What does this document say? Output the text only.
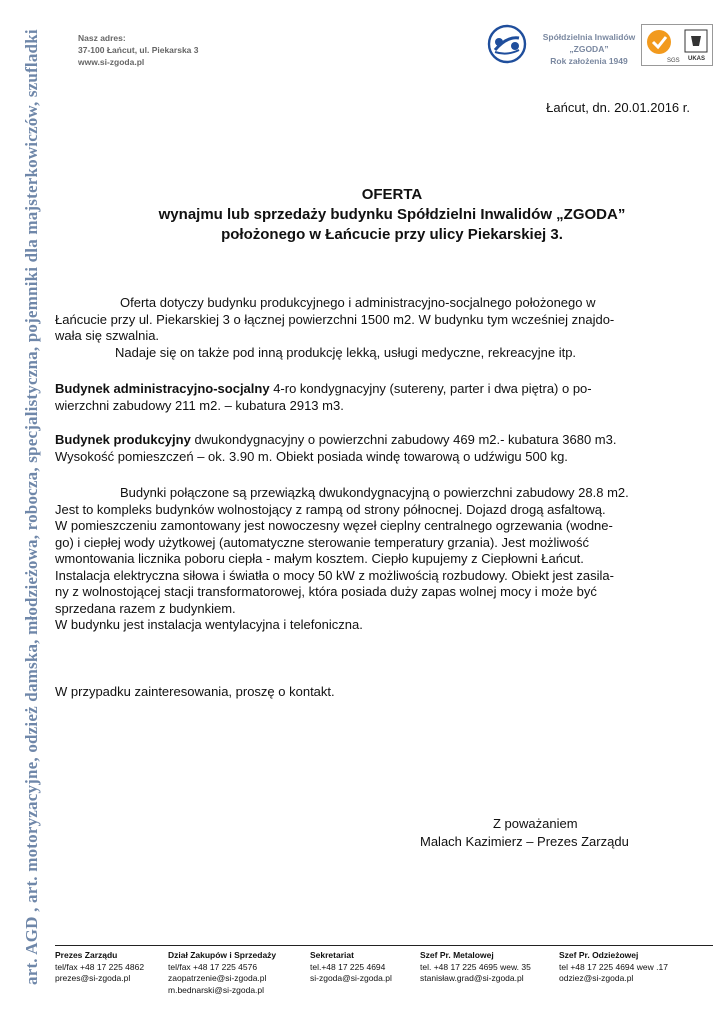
art. AGD , art. motoryzacyjne, odzież damska, młodzieżowa, robocza, specjalistyczna, pojemniki dla majsterkowiczów, szufladki	Nasz adres:
37-100 Łańcut, ul. Piekarska 3
www.si-zgoda.pl
Spółdzielnia Inwalidów
„ZGODA”
Rok założenia 1949	SGS UKAS
Łańcut, dn. 20.01.2016 r.
OFERTA
wynajmu lub sprzedaży budynku Spółdzielni Inwalidów „ZGODA”
położonego w Łańcucie przy ulicy Piekarskiej 3.

Oferta dotyczy budynku produkcyjnego i administracyjno-socjalnego położonego w
Łańcucie przy ul. Piekarskiej 3 o łącznej powierzchni 1500 m2. W budynku tym wcześniej znajdo-
wała się szwalnia.

Nadaje się on także pod inną produkcję lekką, usługi medyczne, rekreacyjne itp.

Budynek administracyjno-socjalny 4-ro kondygnacyjny (sutereny, parter i dwa piętra) o po-
wierzchni zabudowy 211 m2. – kubatura 2913 m3.

Budynek produkcyjny dwukondygnacyjny o powierzchni zabudowy 469 m2.- kubatura 3680 m3.
Wysokość pomieszczeń – ok. 3.90 m. Obiekt posiada windę towarową o udźwigu 500 kg.

Budynki połączone są przewiązką dwukondygnacyjną o powierzchni zabudowy 28.8 m2.
Jest to kompleks budynków wolnostojący z rampą od strony północnej. Dojazd drogą asfaltową.
W pomieszczeniu zamontowany jest nowoczesny węzeł cieplny centralnego ogrzewania (wodne-
go) i ciepłej wody użytkowej (automatyczne sterowanie temperatury grzania). Jest możliwość
wmontowania licznika poboru ciepła - małym kosztem. Ciepło kupujemy z Ciepłowni Łańcut.
Instalacja elektryczna siłowa i światła o mocy 50 kW z możliwością rozbudowy. Obiekt jest zasila-
ny z wolnostojącej stacji transformatorowej, która posiada duży zapas wolnej mocy i może być
sprzedana razem z budynkiem.
W budynku jest instalacja wentylacyjna i telefoniczna.

W przypadku zainteresowania, proszę o kontakt.

Z poważaniem
Malach Kazimierz – Prezes Zarządu
Prezes Zarządu
tel/fax +48 17 225 4862
prezes@si-zgoda.pl
Dział Zakupów i Sprzedaży
tel/fax +48 17 225 4576
zaopatrzenie@si-zgoda.pl
m.bednarski@si-zgoda.pl
Sekretariat
tel.+48 17 225 4694
si-zgoda@si-zgoda.pl
Szef Pr. Metalowej
tel. +48 17 225 4695 wew. 35
stanisław.grad@si-zgoda.pl
Szef Pr. Odzieżowej
tel +48 17 225 4694 wew .17
odziez@si-zgoda.pl
